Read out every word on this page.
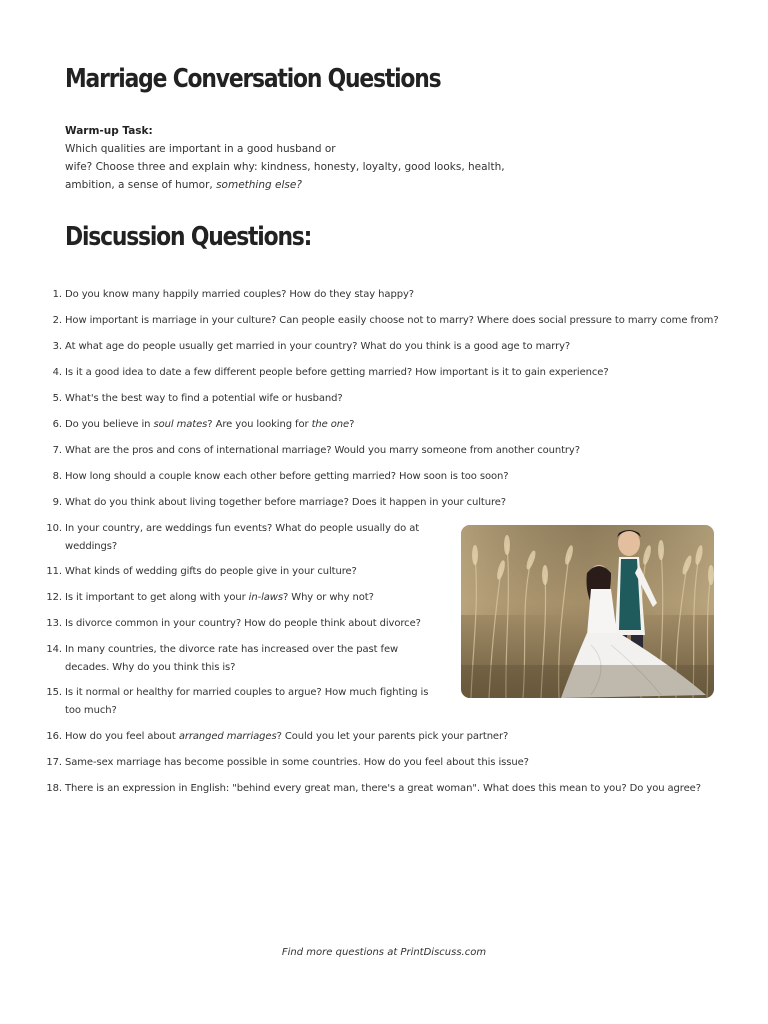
Marriage Conversation Questions
Warm-up Task:
Which qualities are important in a good husband or
wife? Choose three and explain why: kindness, honesty, loyalty, good looks, health,
ambition, a sense of humor, something else?
Discussion Questions:
1. Do you know many happily married couples? How do they stay happy?
2. How important is marriage in your culture? Can people easily choose not to marry? Where does social pressure to marry come from?
3. At what age do people usually get married in your country? What do you think is a good age to marry?
4. Is it a good idea to date a few different people before getting married? How important is it to gain experience?
5. What's the best way to find a potential wife or husband?
6. Do you believe in soul mates? Are you looking for the one?
7. What are the pros and cons of international marriage? Would you marry someone from another country?
8. How long should a couple know each other before getting married? How soon is too soon?
9. What do you think about living together before marriage? Does it happen in your culture?
10. In your country, are weddings fun events? What do people usually do at weddings?
11. What kinds of wedding gifts do people give in your culture?
12. Is it important to get along with your in-laws? Why or why not?
13. Is divorce common in your country? How do people think about divorce?
14. In many countries, the divorce rate has increased over the past few decades. Why do you think this is?
15. Is it normal or healthy for married couples to argue? How much fighting is too much?
16. How do you feel about arranged marriages? Could you let your parents pick your partner?
17. Same-sex marriage has become possible in some countries. How do you feel about this issue?
18. There is an expression in English: "behind every great man, there's a great woman". What does this mean to you? Do you agree?
Find more questions at PrintDiscuss.com
